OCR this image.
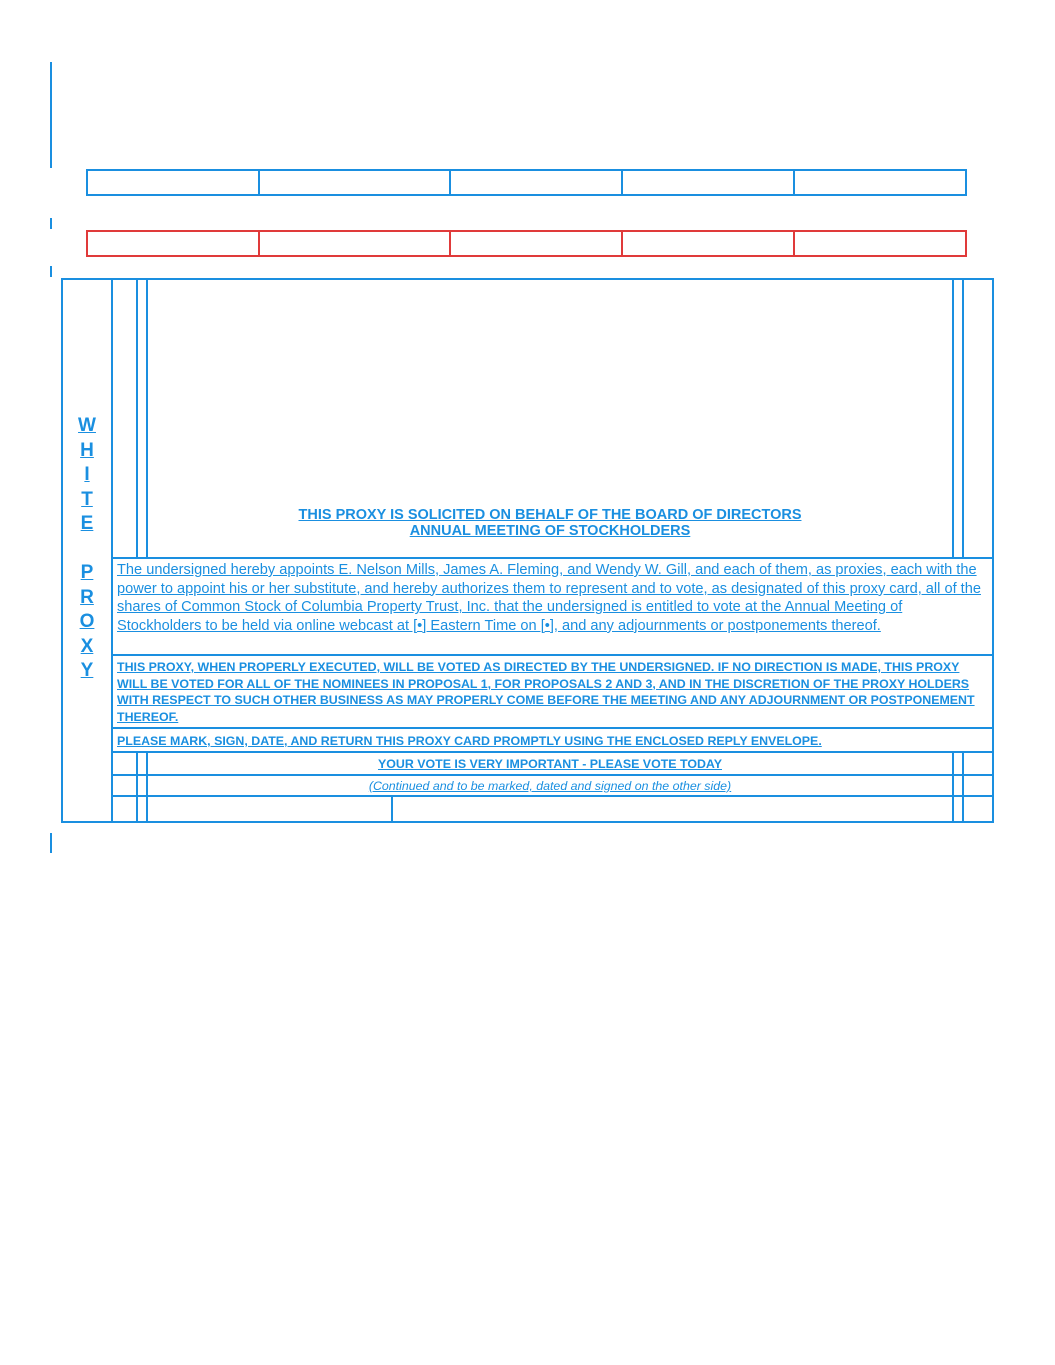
W
H
I
T
E
P
R
O
X
Y
THIS PROXY IS SOLICITED ON BEHALF OF THE BOARD OF DIRECTORS
ANNUAL MEETING OF STOCKHOLDERS
The undersigned hereby appoints E. Nelson Mills, James A. Fleming, and Wendy W. Gill, and each of them, as proxies, each with the power to appoint his or her substitute, and hereby authorizes them to represent and to vote, as designated of this proxy card, all of the shares of Common Stock of Columbia Property Trust, Inc. that the undersigned is entitled to vote at the Annual Meeting of Stockholders to be held via online webcast at [•] Eastern Time on [•], and any adjournments or postponements thereof.
THIS PROXY, WHEN PROPERLY EXECUTED, WILL BE VOTED AS DIRECTED BY THE UNDERSIGNED. IF NO DIRECTION IS MADE, THIS PROXY WILL BE VOTED FOR ALL OF THE NOMINEES IN PROPOSAL 1, FOR PROPOSALS 2 AND 3, AND IN THE DISCRETION OF THE PROXY HOLDERS WITH RESPECT TO SUCH OTHER BUSINESS AS MAY PROPERLY COME BEFORE THE MEETING AND ANY ADJOURNMENT OR POSTPONEMENT THEREOF.
PLEASE MARK, SIGN, DATE, AND RETURN THIS PROXY CARD PROMPTLY USING THE ENCLOSED REPLY ENVELOPE.
YOUR VOTE IS VERY IMPORTANT - PLEASE VOTE TODAY
(Continued and to be marked, dated and signed on the other side)
